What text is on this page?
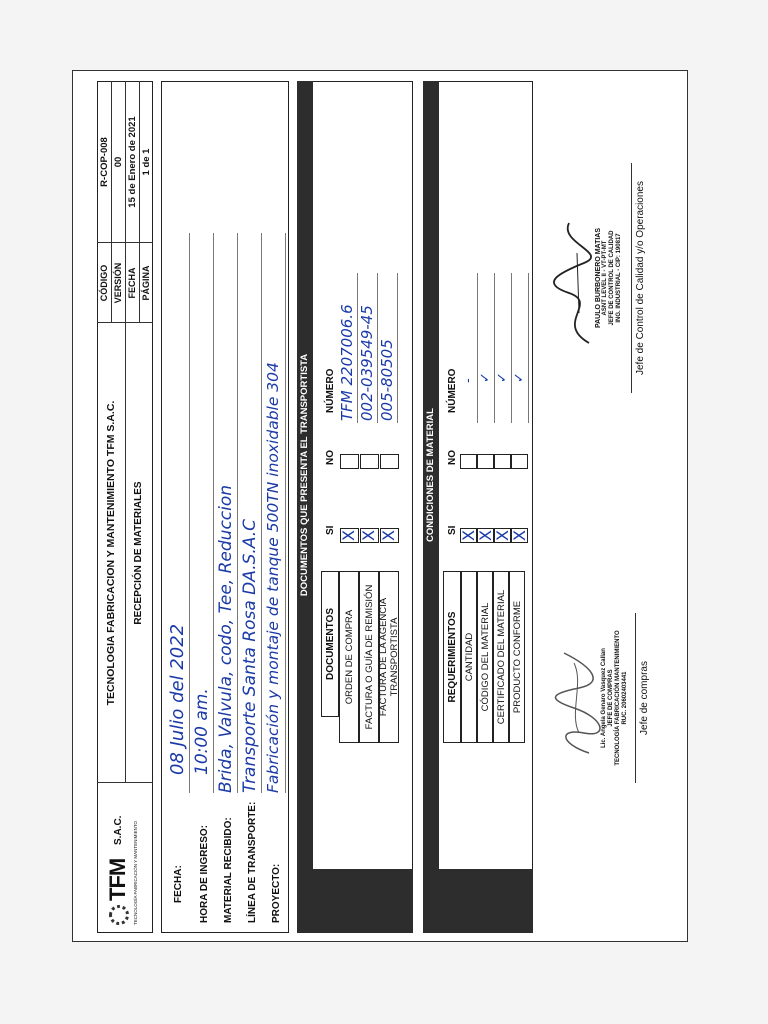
TFM
S.A.C. TECNOLOGÍA FABRICACIÓN Y MANTENIMIENTO
TECNOLOGIA FABRICACION Y MANTENIMIENTO TFM S.A.C. RECEPCIÓN DE MATERIALES
CÓDIGO VERSIÓN FECHA PÁGINA
R-COP-008 00 15 de Enero de 2021 1 de 1
FECHA: HORA DE INGRESO: MATERIAL RECIBIDO: LÍNEA DE TRANSPORTE: PROYECTO:
08 Julio del 2022 10:00 am. Brida, Valvula, codo, Tee, Reduccion Transporte Santa Rosa DA.S.A.C Fabricación y montaje de tanque 500TN inoxidable 304 DOCUMENTOS QUE PRESENTA EL TRANSPORTISTA
DOCUMENTOS ORDEN DE COMPRA FACTURA O GUÍA DE REMISIÓN FACTURA DE LA AGENCIA TRANSPORTISTA
SI
NO
NÚMERO
X X X
TFM 2207006.6 002-039549-45 005-80505
CONDICIONES DE MATERIAL
REQUERIMIENTOS CANTIDAD CÓDIGO DEL MATERIAL CERTIFICADO DEL MATERIAL PRODUCTO CONFORME
SI
NO
NÚMERO
X
X
X
X
- ✓ ✓ ✓
Lic. Angela Genaro Vasquez Callan JEFE DE COMPRAS TECNOLOGÍA FABRICACIÓN MANTENIMIENTO RUC. 20602403441 Jefe de compras
PAULO BURBONERO MATIAS ASNT LEVEL II - VT-PT-MT JEFE DE CONTROL DE CALIDAD ING. INDUSTRIAL - CIP: 190817 Jefe de Control de Calidad y/o Operaciones
